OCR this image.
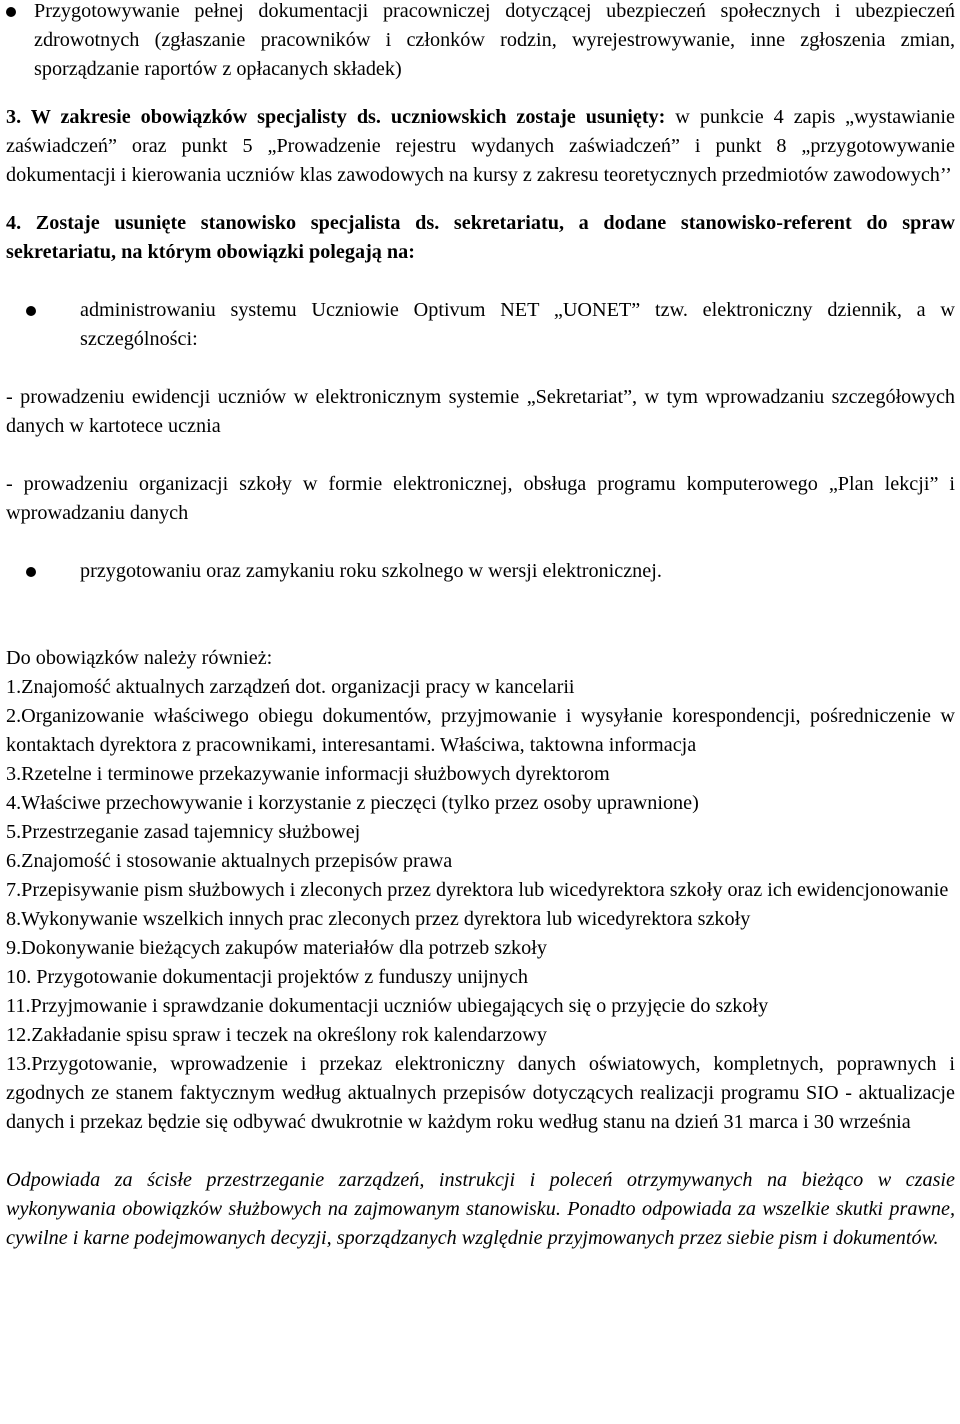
Przygotowywanie pełnej dokumentacji pracowniczej dotyczącej ubezpieczeń społecznych i ubezpieczeń zdrowotnych (zgłaszanie pracowników i członków rodzin, wyrejestrowywanie, inne zgłoszenia zmian, sporządzanie raportów z opłacanych składek)

3. W zakresie obowiązków specjalisty ds. uczniowskich zostaje usunięty: w punkcie 4 zapis „wystawianie zaświadczeń” oraz punkt 5 „Prowadzenie rejestru wydanych zaświadczeń” i punkt 8 „przygotowywanie dokumentacji i kierowania uczniów klas zawodowych na kursy z zakresu teoretycznych przedmiotów zawodowych’’

4. Zostaje usunięte stanowisko specjalista ds. sekretariatu, a dodane stanowisko-referent do spraw sekretariatu, na którym obowiązki polegają na:

administrowaniu systemu Uczniowie Optivum NET „UONET” tzw. elektroniczny dziennik, a w szczególności:

- prowadzeniu ewidencji uczniów w elektronicznym systemie „Sekretariat”, w tym wprowadzaniu szczegółowych danych w kartotece ucznia

- prowadzeniu organizacji szkoły w formie elektronicznej, obsługa programu komputerowego „Plan lekcji” i wprowadzaniu danych

przygotowaniu oraz zamykaniu roku szkolnego w wersji elektronicznej.

Do obowiązków należy również:

1.Znajomość aktualnych zarządzeń dot. organizacji pracy w kancelarii

2.Organizowanie właściwego obiegu dokumentów, przyjmowanie i wysyłanie korespondencji, pośredniczenie w kontaktach dyrektora z pracownikami, interesantami. Właściwa, taktowna informacja

3.Rzetelne i terminowe przekazywanie informacji służbowych dyrektorom

4.Właściwe przechowywanie i korzystanie z pieczęci (tylko przez osoby uprawnione)

5.Przestrzeganie zasad tajemnicy służbowej

6.Znajomość i stosowanie aktualnych przepisów prawa

7.Przepisywanie pism służbowych i zleconych przez dyrektora lub wicedyrektora szkoły oraz ich ewidencjonowanie

8.Wykonywanie wszelkich innych prac zleconych przez dyrektora lub wicedyrektora szkoły

9.Dokonywanie bieżących zakupów materiałów dla potrzeb szkoły

10. Przygotowanie dokumentacji projektów z funduszy unijnych

11.Przyjmowanie i sprawdzanie dokumentacji uczniów ubiegających się o przyjęcie do szkoły

12.Zakładanie spisu spraw i teczek na określony rok kalendarzowy

13.Przygotowanie, wprowadzenie i przekaz elektroniczny danych oświatowych, kompletnych, poprawnych i zgodnych ze stanem faktycznym według aktualnych przepisów dotyczących realizacji programu SIO - aktualizacje danych i przekaz będzie się odbywać dwukrotnie w każdym roku według stanu na dzień 31 marca i 30 września

Odpowiada za ścisłe przestrzeganie zarządzeń, instrukcji i poleceń otrzymywanych na bieżąco w czasie wykonywania obowiązków służbowych na zajmowanym stanowisku. Ponadto odpowiada za wszelkie skutki prawne, cywilne i karne podejmowanych decyzji, sporządzanych względnie przyjmowanych przez siebie pism i dokumentów.
